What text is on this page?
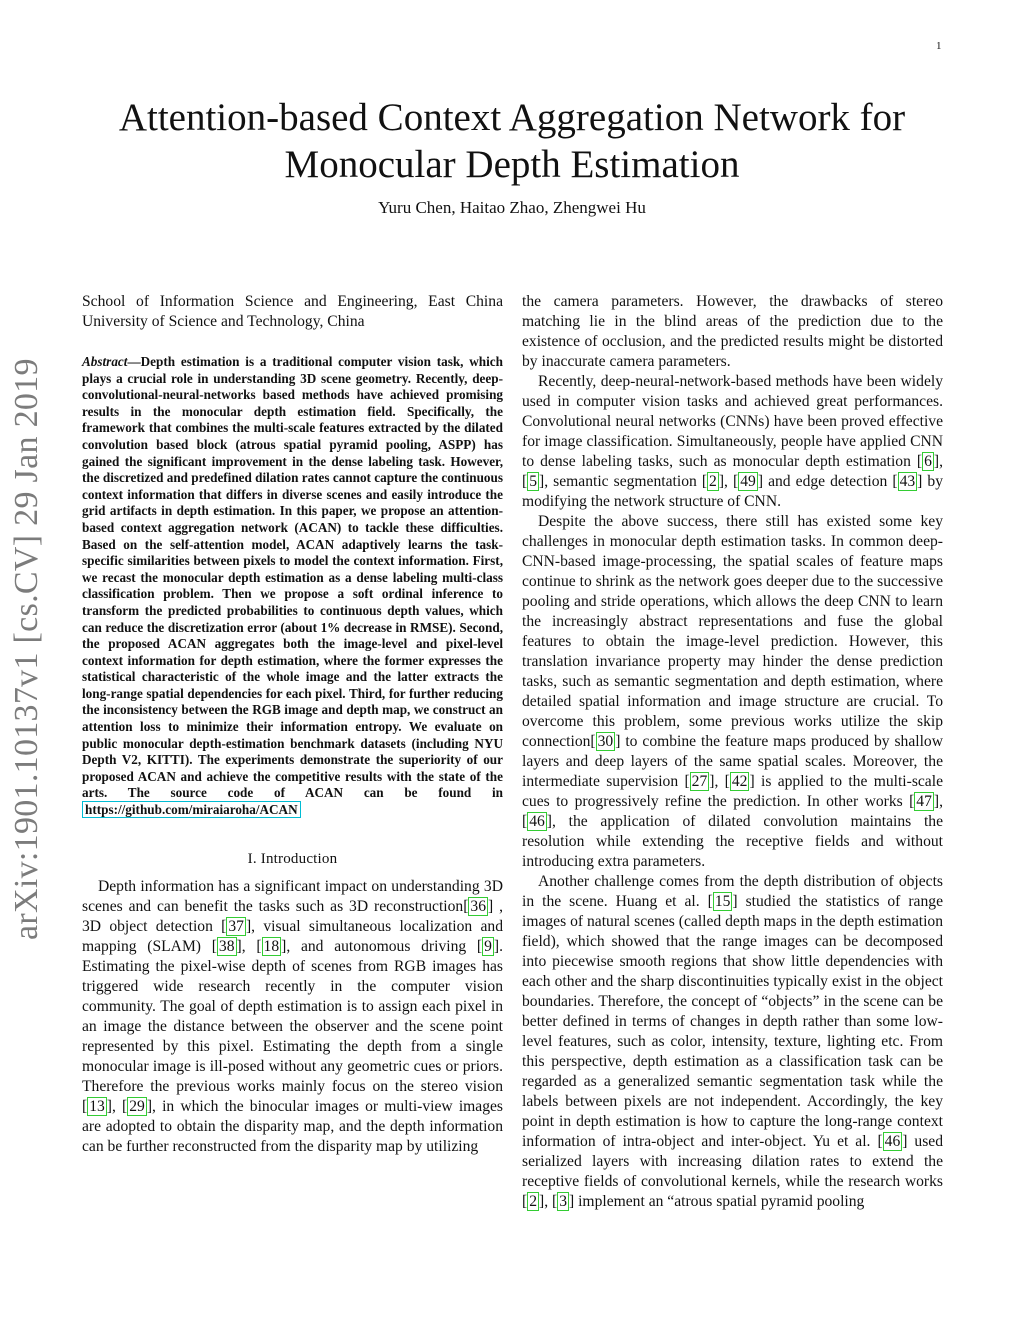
1
arXiv:1901.10137v1 [cs.CV] 29 Jan 2019
Attention-based Context Aggregation Network for
Monocular Depth Estimation
Yuru Chen, Haitao Zhao, Zhengwei Hu
School of Information Science and Engineering, East China University of Science and Technology, China

Abstract—Depth estimation is a traditional computer vision task, which plays a crucial role in understanding 3D scene geometry. Recently, deep-convolutional-neural-networks based methods have achieved promising results in the monocular depth estimation field. Specifically, the framework that combines the multi-scale features extracted by the dilated convolution based block (atrous spatial pyramid pooling, ASPP) has gained the significant improvement in the dense labeling task. However, the discretized and predefined dilation rates cannot capture the continuous context information that differs in diverse scenes and easily introduce the grid artifacts in depth estimation. In this paper, we propose an attention-based context aggregation network (ACAN) to tackle these difficulties. Based on the self-attention model, ACAN adaptively learns the task-specific similarities between pixels to model the context information. First, we recast the monocular depth estimation as a dense labeling multi-class classification problem. Then we propose a soft ordinal inference to transform the predicted probabilities to continuous depth values, which can reduce the discretization error (about 1% decrease in RMSE). Second, the proposed ACAN aggregates both the image-level and pixel-level context information for depth estimation, where the former expresses the statistical characteristic of the whole image and the latter extracts the long-range spatial dependencies for each pixel. Third, for further reducing the inconsistency between the RGB image and depth map, we construct an attention loss to minimize their information entropy. We evaluate on public monocular depth-estimation benchmark datasets (including NYU Depth V2, KITTI). The experiments demonstrate the superiority of our proposed ACAN and achieve the competitive results with the state of the arts. The source code of ACAN can be found in https://github.com/miraiaroha/ACAN

I. Introduction

Depth information has a significant impact on understanding 3D scenes and can benefit the tasks such as 3D reconstruction[ 36 ] , 3D object detection [ 37 ], visual simultaneous localization and mapping (SLAM) [ 38 ], [ 18 ], and autonomous driving [ 9 ]. Estimating the pixel-wise depth of scenes from RGB images has triggered wide research recently in the computer vision community. The goal of depth estimation is to assign each pixel in an image the distance between the observer and the scene point represented by this pixel. Estimating the depth from a single monocular image is ill-posed without any geometric cues or priors. Therefore the previous works mainly focus on the stereo vision [ 13 ], [ 29 ], in which the binocular images or multi-view images are adopted to obtain the disparity map, and the depth information can be further reconstructed from the disparity map by utilizing

the camera parameters. However, the drawbacks of stereo matching lie in the blind areas of the prediction due to the existence of occlusion, and the predicted results might be distorted by inaccurate camera parameters.

Recently, deep-neural-network-based methods have been widely used in computer vision tasks and achieved great performances. Convolutional neural networks (CNNs) have been proved effective for image classification. Simultaneously, people have applied CNN to dense labeling tasks, such as monocular depth estimation [ 6 ], [ 5 ], semantic segmentation [ 2 ], [ 49 ] and edge detection [ 43 ] by modifying the network structure of CNN.

Despite the above success, there still has existed some key challenges in monocular depth estimation tasks. In common deep-CNN-based image-processing, the spatial scales of feature maps continue to shrink as the network goes deeper due to the successive pooling and stride operations, which allows the deep CNN to learn the increasingly abstract representations and fuse the global features to obtain the image-level prediction. However, this translation invariance property may hinder the dense prediction tasks, such as semantic segmentation and depth estimation, where detailed spatial information and image structure are crucial. To overcome this problem, some previous works utilize the skip connection[ 30 ] to combine the feature maps produced by shallow layers and deep layers of the same spatial scales. Moreover, the intermediate supervision [ 27 ], [ 42 ] is applied to the multi-scale cues to progressively refine the prediction. In other works [ 47 ], [ 46 ], the application of dilated convolution maintains the resolution while extending the receptive fields and without introducing extra parameters.

Another challenge comes from the depth distribution of objects in the scene. Huang et al. [ 15 ] studied the statistics of range images of natural scenes (called depth maps in the depth estimation field), which showed that the range images can be decomposed into piecewise smooth regions that show little dependencies with each other and the sharp discontinuities typically exist in the object boundaries. Therefore, the concept of “objects” in the scene can be better defined in terms of changes in depth rather than some low-level features, such as color, intensity, texture, lighting etc. From this perspective, depth estimation as a classification task can be regarded as a generalized semantic segmentation task while the labels between pixels are not independent. Accordingly, the key point in depth estimation is how to capture the long-range context information of intra-object and inter-object. Yu et al. [ 46 ] used serialized layers with increasing dilation rates to extend the receptive fields of convolutional kernels, while the research works [ 2 ], [ 3 ] implement an “atrous spatial pyramid pooling
